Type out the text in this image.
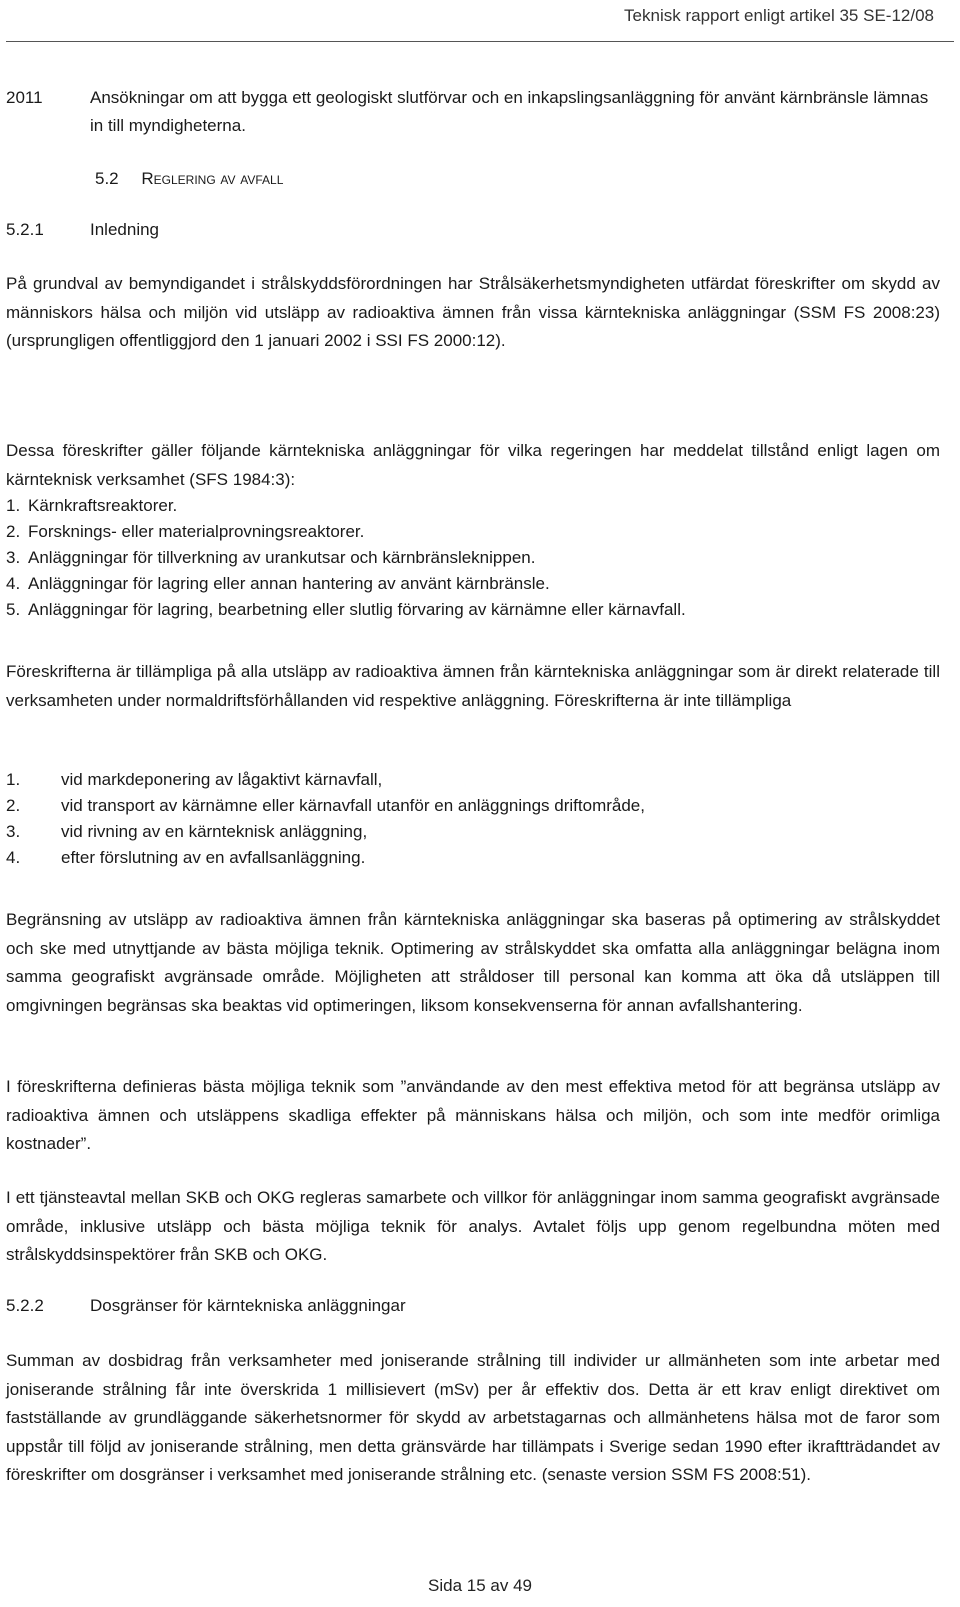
Teknisk rapport enligt artikel 35 SE-12/08
2011	Ansökningar om att bygga ett geologiskt slutförvar och en inkapslingsanläggning för använt kärnbränsle lämnas in till myndigheterna.
5.2 Reglering av avfall
5.2.1	Inledning

På grundval av bemyndigandet i strålskyddsförordningen har Strålsäkerhetsmyndigheten utfärdat föreskrifter om skydd av människors hälsa och miljön vid utsläpp av radioaktiva ämnen från vissa kärntekniska anläggningar (SSM FS 2008:23) (ursprungligen offentliggjord den 1 januari 2002 i SSI FS 2000:12).

Dessa föreskrifter gäller följande kärntekniska anläggningar för vilka regeringen har meddelat tillstånd enligt lagen om kärnteknisk verksamhet (SFS 1984:3):

1. Kärnkraftsreaktorer.
2. Forsknings- eller materialprovningsreaktorer.
3. Anläggningar för tillverkning av urankutsar och kärnbränsleknippen.
4. Anläggningar för lagring eller annan hantering av använt kärnbränsle.
5. Anläggningar för lagring, bearbetning eller slutlig förvaring av kärnämne eller kärnavfall.

Föreskrifterna är tillämpliga på alla utsläpp av radioaktiva ämnen från kärntekniska anläggningar som är direkt relaterade till verksamheten under normaldriftsförhållanden vid respektive anläggning. Föreskrifterna är inte tillämpliga

1. vid markdeponering av lågaktivt kärnavfall,
2. vid transport av kärnämne eller kärnavfall utanför en anläggnings driftområde,
3. vid rivning av en kärnteknisk anläggning,
4. efter förslutning av en avfallsanläggning.

Begränsning av utsläpp av radioaktiva ämnen från kärntekniska anläggningar ska baseras på optimering av strålskyddet och ske med utnyttjande av bästa möjliga teknik. Optimering av strålskyddet ska omfatta alla anläggningar belägna inom samma geografiskt avgränsade område. Möjligheten att stråldoser till personal kan komma att öka då utsläppen till omgivningen begränsas ska beaktas vid optimeringen, liksom konsekvenserna för annan avfallshantering.

I föreskrifterna definieras bästa möjliga teknik som ”användande av den mest effektiva metod för att begränsa utsläpp av radioaktiva ämnen och utsläppens skadliga effekter på människans hälsa och miljön, och som inte medför orimliga kostnader”.

I ett tjänsteavtal mellan SKB och OKG regleras samarbete och villkor för anläggningar inom samma geografiskt avgränsade område, inklusive utsläpp och bästa möjliga teknik för analys. Avtalet följs upp genom regelbundna möten med strålskyddsinspektörer från SKB och OKG.

5.2.2	Dosgränser för kärntekniska anläggningar

Summan av dosbidrag från verksamheter med joniserande strålning till individer ur allmänheten som inte arbetar med joniserande strålning får inte överskrida 1 millisievert (mSv) per år effektiv dos. Detta är ett krav enligt direktivet om fastställande av grundläggande säkerhetsnormer för skydd av arbetstagarnas och allmänhetens hälsa mot de faror som uppstår till följd av joniserande strålning, men detta gränsvärde har tillämpats i Sverige sedan 1990 efter ikraftträdandet av föreskrifter om dosgränser i verksamhet med joniserande strålning etc. (senaste version SSM FS 2008:51).

Sida 15 av 49
